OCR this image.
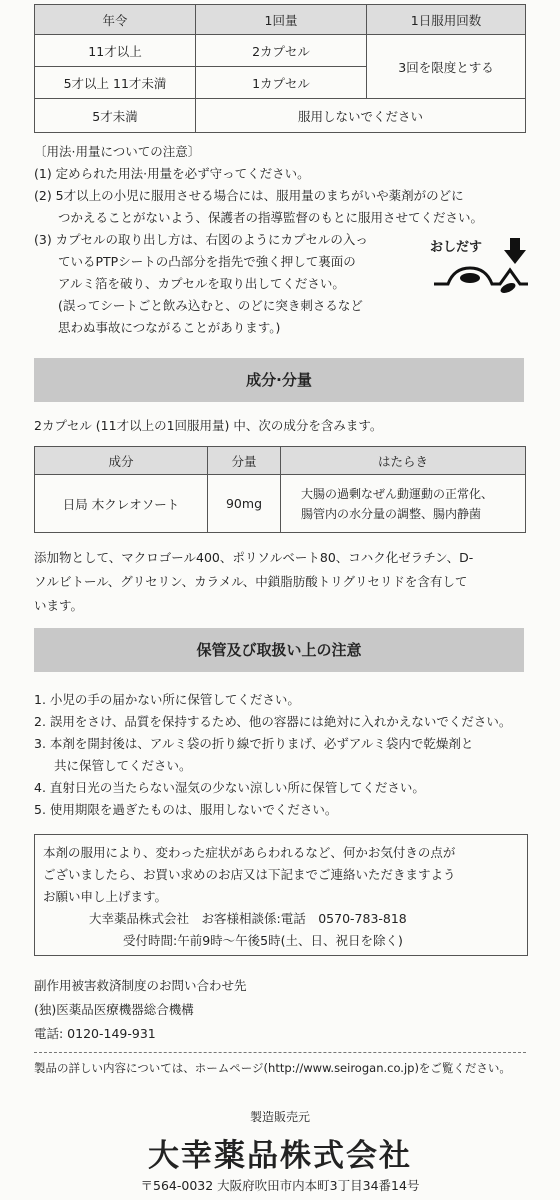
年令	1回量	1日服用回数
11才以上	2カプセル	3回を限度とする
5才以上 11才未満	1カプセル	
5才未満	服用しないでください	
〔用法·用量についての注意〕
(1) 定められた用法·用量を必ず守ってください。
(2) 5才以上の小児に服用させる場合には、服用量のまちがいや薬剤がのどに
つかえることがないよう、保護者の指導監督のもとに服用させてください。
(3) カプセルの取り出し方は、右図のようにカプセルの入っ
ているPTPシートの凸部分を指先で強く押して裏面の
アルミ箔を破り、カプセルを取り出してください。
(誤ってシートごと飲み込むと、のどに突き刺さるなど
思わぬ事故につながることがあります。)
おしだす
成分·分量
2カプセル (11才以上の1回服用量) 中、次の成分を含みます。
成分	分量	はたらき
日局 木クレオソート	90mg	大腸の過剰なぜん動運動の正常化、
腸管内の水分量の調整、腸内静菌
添加物として、マクロゴール400、ポリソルベート80、コハク化ゼラチン、D-
ソルビトール、グリセリン、カラメル、中鎖脂肪酸トリグリセリドを含有して
います。
保管及び取扱い上の注意
1. 小児の手の届かない所に保管してください。
2. 誤用をさけ、品質を保持するため、他の容器には絶対に入れかえないでください。
3. 本剤を開封後は、アルミ袋の折り線で折りまげ、必ずアルミ袋内で乾燥剤と
共に保管してください。
4. 直射日光の当たらない湿気の少ない涼しい所に保管してください。
5. 使用期限を過ぎたものは、服用しないでください。
本剤の服用により、変わった症状があらわれるなど、何かお気付きの点が
ございましたら、お買い求めのお店又は下記までご連絡いただきますよう
お願い申し上げます。
大幸薬品株式会社　お客様相談係:電話　0570-783-818
受付時間:午前9時〜午後5時(土、日、祝日を除く)
副作用被害救済制度のお問い合わせ先
(独)医薬品医療機器総合機構
電話: 0120-149-931
製品の詳しい内容については、ホームページ(http://www.seirogan.co.jp)をご覧ください。
製造販売元
大幸薬品株式会社
〒564-0032 大阪府吹田市内本町3丁目34番14号
